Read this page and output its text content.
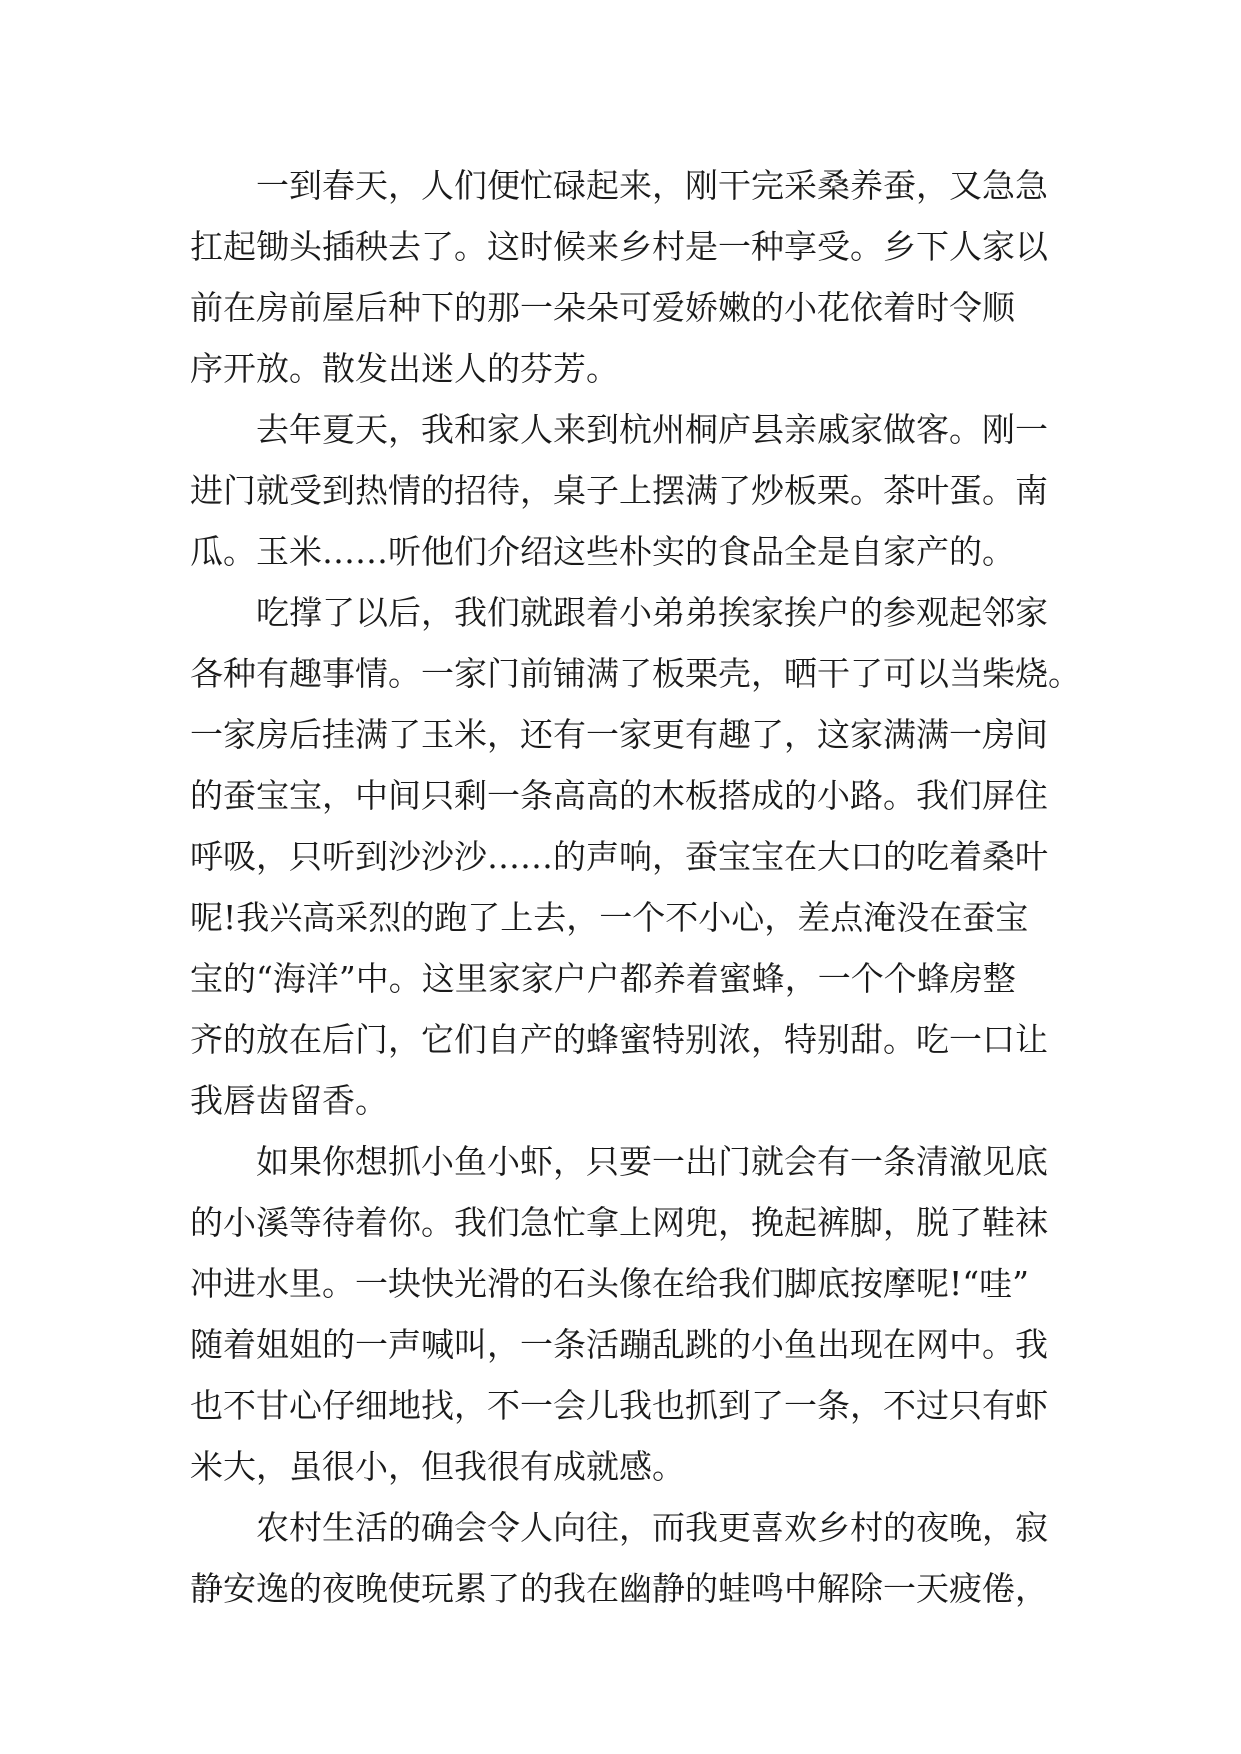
一到春天，人们便忙碌起来，刚干完采桑养蚕，又急急
扛起锄头插秧去了。这时候来乡村是一种享受。乡下人家以
前在房前屋后种下的那一朵朵可爱娇嫩的小花依着时令顺
序开放。散发出迷人的芬芳。
去年夏天，我和家人来到杭州桐庐县亲戚家做客。刚一
进门就受到热情的招待，桌子上摆满了炒板栗。茶叶蛋。南
瓜。玉米……听他们介绍这些朴实的食品全是自家产的。
吃撑了以后，我们就跟着小弟弟挨家挨户的参观起邻家
各种有趣事情。一家门前铺满了板栗壳，晒干了可以当柴烧。
一家房后挂满了玉米，还有一家更有趣了，这家满满一房间
的蚕宝宝，中间只剩一条高高的木板搭成的小路。我们屏住
呼吸，只听到沙沙沙……的声响，蚕宝宝在大口的吃着桑叶
呢!我兴高采烈的跑了上去，一个不小心，差点淹没在蚕宝
宝的“海洋”中。这里家家户户都养着蜜蜂，一个个蜂房整
齐的放在后门，它们自产的蜂蜜特别浓，特别甜。吃一口让
我唇齿留香。
如果你想抓小鱼小虾，只要一出门就会有一条清澈见底
的小溪等待着你。我们急忙拿上网兜，挽起裤脚，脱了鞋袜
冲进水里。一块快光滑的石头像在给我们脚底按摩呢!“哇”
随着姐姐的一声喊叫，一条活蹦乱跳的小鱼出现在网中。我
也不甘心仔细地找，不一会儿我也抓到了一条，不过只有虾
米大，虽很小，但我很有成就感。
农村生活的确会令人向往，而我更喜欢乡村的夜晚，寂
静安逸的夜晚使玩累了的我在幽静的蛙鸣中解除一天疲倦，
